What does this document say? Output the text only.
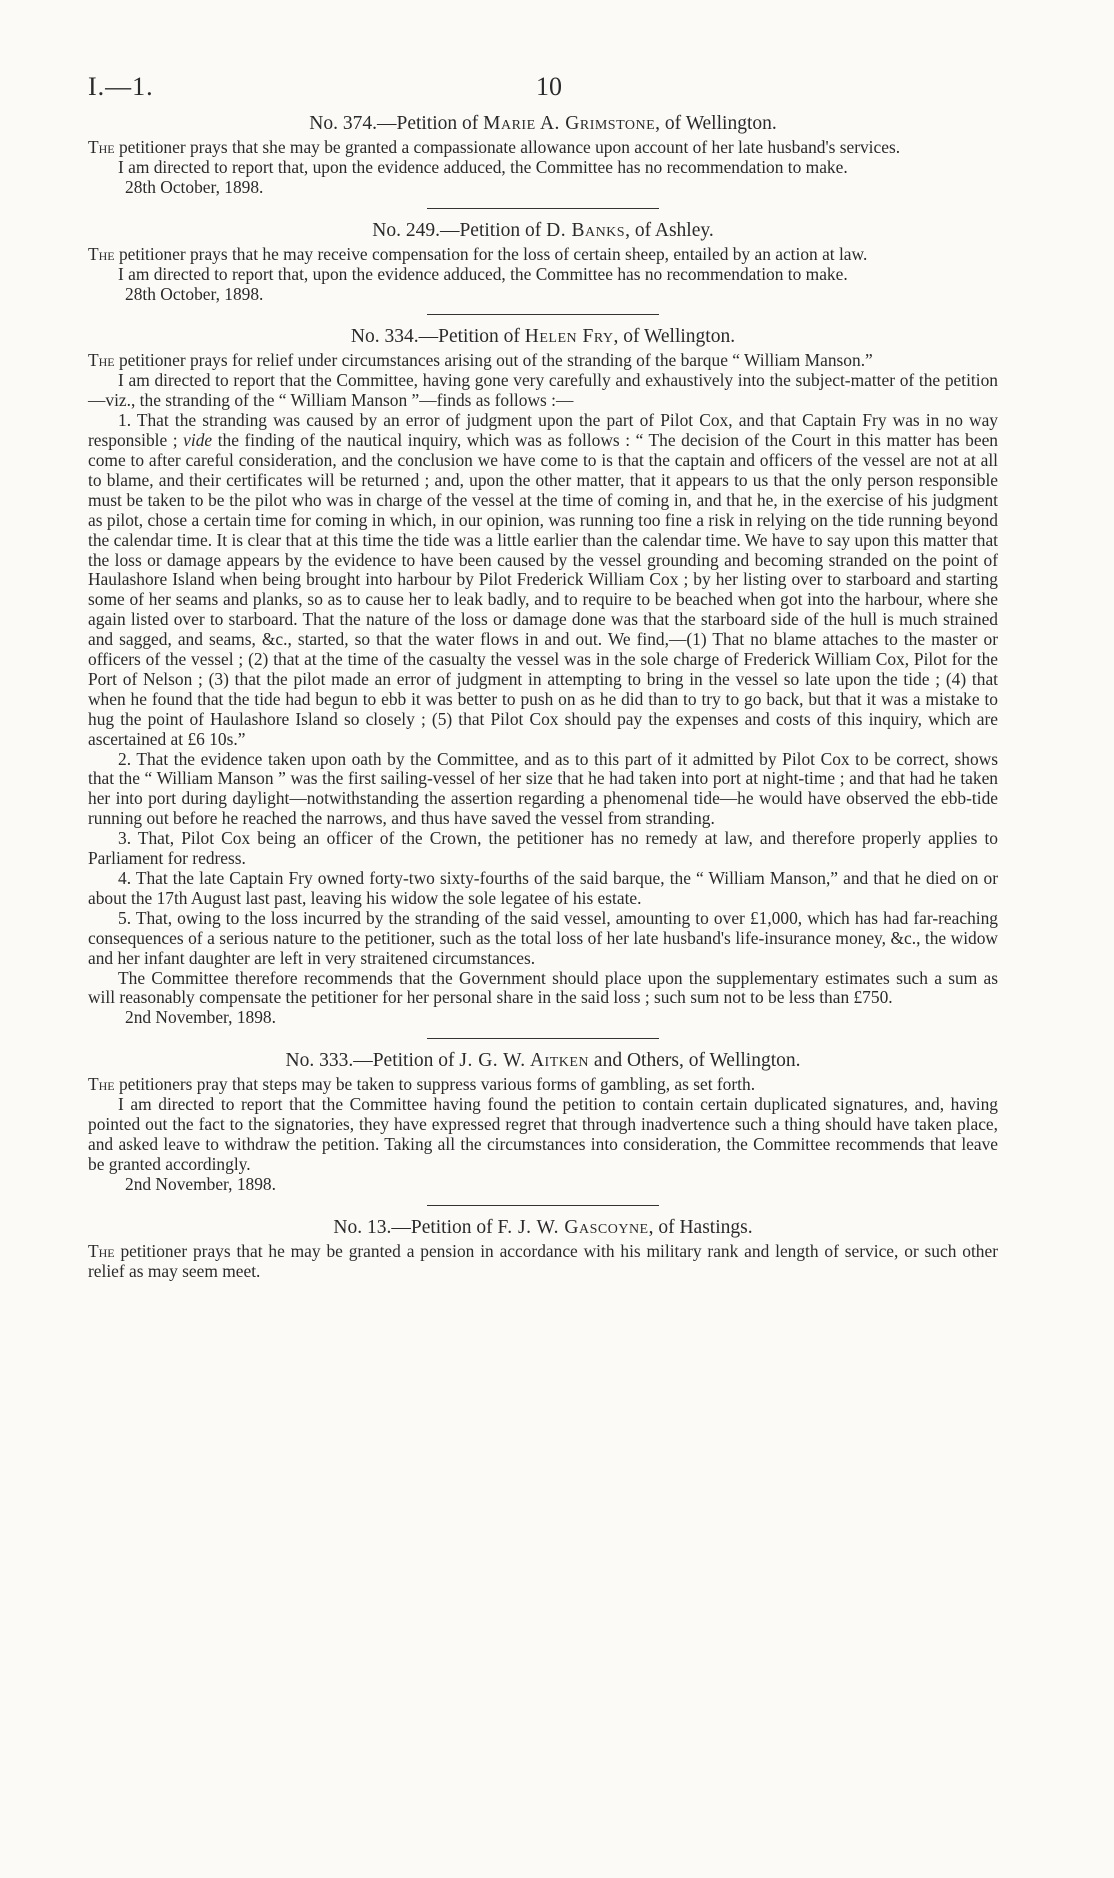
I.—1.	10

No. 374.—Petition of Marie A. Grimstone, of Wellington.

The petitioner prays that she may be granted a compassionate allowance upon account of her late husband's services.

I am directed to report that, upon the evidence adduced, the Committee has no recommendation to make.

28th October, 1898.

No. 249.—Petition of D. Banks, of Ashley.

The petitioner prays that he may receive compensation for the loss of certain sheep, entailed by an action at law.

I am directed to report that, upon the evidence adduced, the Committee has no recommendation to make.

28th October, 1898.

No. 334.—Petition of Helen Fry, of Wellington.

The petitioner prays for relief under circumstances arising out of the stranding of the barque “ William Manson.”

I am directed to report that the Committee, having gone very carefully and exhaustively into the subject-matter of the petition—viz., the stranding of the “ William Manson ”—finds as follows :—

1. That the stranding was caused by an error of judgment upon the part of Pilot Cox, and that Captain Fry was in no way responsible ; vide the finding of the nautical inquiry, which was as follows : “ The decision of the Court in this matter has been come to after careful consideration, and the conclusion we have come to is that the captain and officers of the vessel are not at all to blame, and their certificates will be returned ; and, upon the other matter, that it appears to us that the only person responsible must be taken to be the pilot who was in charge of the vessel at the time of coming in, and that he, in the exercise of his judgment as pilot, chose a certain time for coming in which, in our opinion, was running too fine a risk in relying on the tide running beyond the calendar time. It is clear that at this time the tide was a little earlier than the calendar time. We have to say upon this matter that the loss or damage appears by the evidence to have been caused by the vessel grounding and becoming stranded on the point of Haulashore Island when being brought into harbour by Pilot Frederick William Cox ; by her listing over to starboard and starting some of her seams and planks, so as to cause her to leak badly, and to require to be beached when got into the harbour, where she again listed over to starboard. That the nature of the loss or damage done was that the starboard side of the hull is much strained and sagged, and seams, &c., started, so that the water flows in and out. We find,—(1) That no blame attaches to the master or officers of the vessel ; (2) that at the time of the casualty the vessel was in the sole charge of Frederick William Cox, Pilot for the Port of Nelson ; (3) that the pilot made an error of judgment in attempting to bring in the vessel so late upon the tide ; (4) that when he found that the tide had begun to ebb it was better to push on as he did than to try to go back, but that it was a mistake to hug the point of Haulashore Island so closely ; (5) that Pilot Cox should pay the expenses and costs of this inquiry, which are ascertained at £6 10s.”

2. That the evidence taken upon oath by the Committee, and as to this part of it admitted by Pilot Cox to be correct, shows that the “ William Manson ” was the first sailing-vessel of her size that he had taken into port at night-time ; and that had he taken her into port during daylight—notwithstanding the assertion regarding a phenomenal tide—he would have observed the ebb-tide running out before he reached the narrows, and thus have saved the vessel from stranding.

3. That, Pilot Cox being an officer of the Crown, the petitioner has no remedy at law, and therefore properly applies to Parliament for redress.

4. That the late Captain Fry owned forty-two sixty-fourths of the said barque, the “ William Manson,” and that he died on or about the 17th August last past, leaving his widow the sole legatee of his estate.

5. That, owing to the loss incurred by the stranding of the said vessel, amounting to over £1,000, which has had far-reaching consequences of a serious nature to the petitioner, such as the total loss of her late husband's life-insurance money, &c., the widow and her infant daughter are left in very straitened circumstances.

The Committee therefore recommends that the Government should place upon the supplementary estimates such a sum as will reasonably compensate the petitioner for her personal share in the said loss ; such sum not to be less than £750.

2nd November, 1898.

No. 333.—Petition of J. G. W. Aitken and Others, of Wellington.

The petitioners pray that steps may be taken to suppress various forms of gambling, as set forth.

I am directed to report that the Committee having found the petition to contain certain duplicated signatures, and, having pointed out the fact to the signatories, they have expressed regret that through inadvertence such a thing should have taken place, and asked leave to withdraw the petition. Taking all the circumstances into consideration, the Committee recommends that leave be granted accordingly.

2nd November, 1898.

No. 13.—Petition of F. J. W. Gascoyne, of Hastings.

The petitioner prays that he may be granted a pension in accordance with his military rank and length of service, or such other relief as may seem meet.
